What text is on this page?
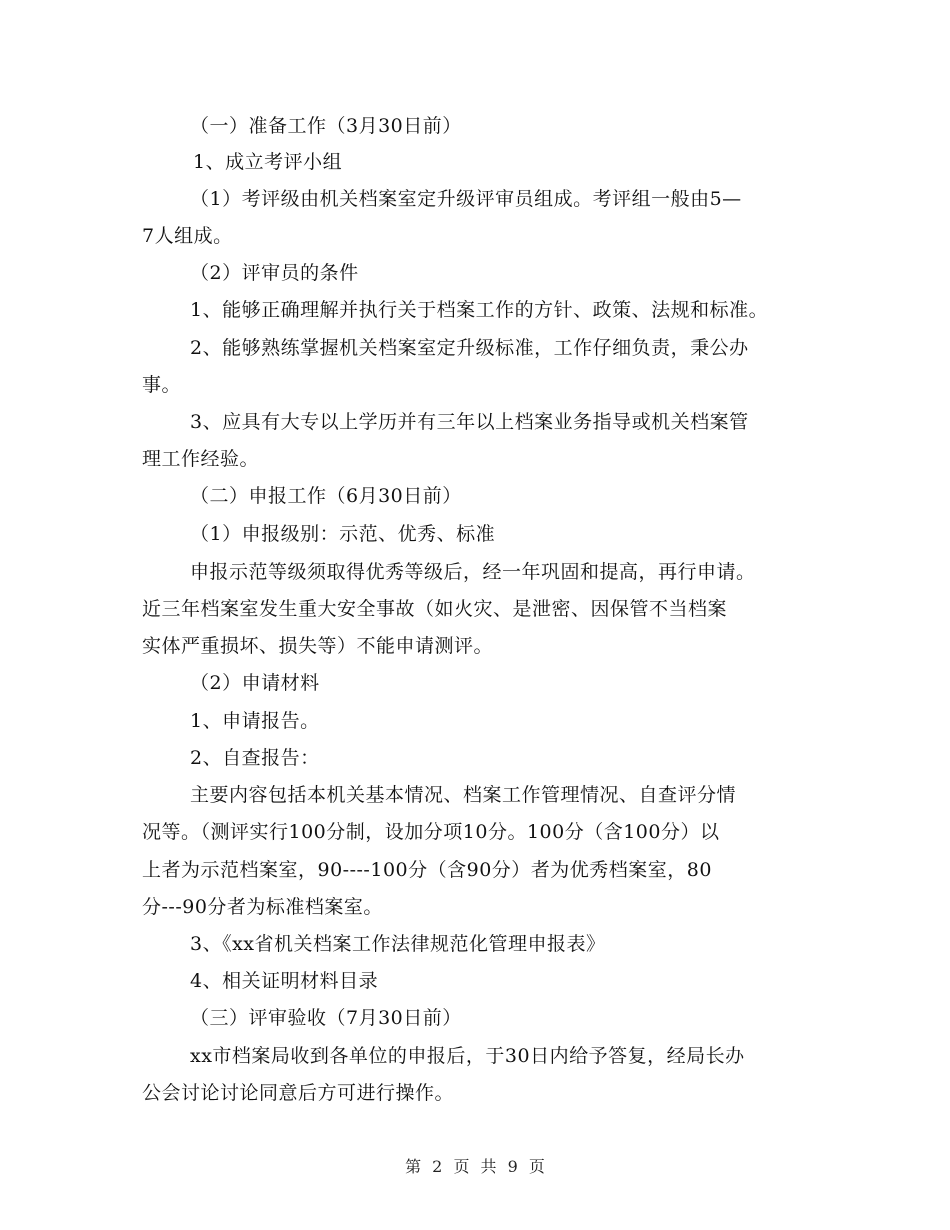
（一）准备工作（3月30日前）
1、成立考评小组
（1）考评级由机关档案室定升级评审员组成。考评组一般由5—
7人组成。
（2）评审员的条件
1、能够正确理解并执行关于档案工作的方针、政策、法规和标准。
2、能够熟练掌握机关档案室定升级标准，工作仔细负责，秉公办
事。
3、应具有大专以上学历并有三年以上档案业务指导或机关档案管
理工作经验。
（二）申报工作（6月30日前）
（1）申报级别：示范、优秀、标准
申报示范等级须取得优秀等级后，经一年巩固和提高，再行申请。
近三年档案室发生重大安全事故（如火灾、是泄密、因保管不当档案
实体严重损坏、损失等）不能申请测评。
（2）申请材料
1、申请报告。
2、自查报告：
主要内容包括本机关基本情况、档案工作管理情况、自查评分情
况等。（测评实行100分制，设加分项10分。100分（含100分）以
上者为示范档案室，90----100分（含90分）者为优秀档案室，80
分---90分者为标准档案室。
3、《xx省机关档案工作法律规范化管理申报表》
4、相关证明材料目录
（三）评审验收（7月30日前）
xx市档案局收到各单位的申报后，于30日内给予答复，经局长办
公会讨论讨论同意后方可进行操作。
第 2 页 共 9 页
